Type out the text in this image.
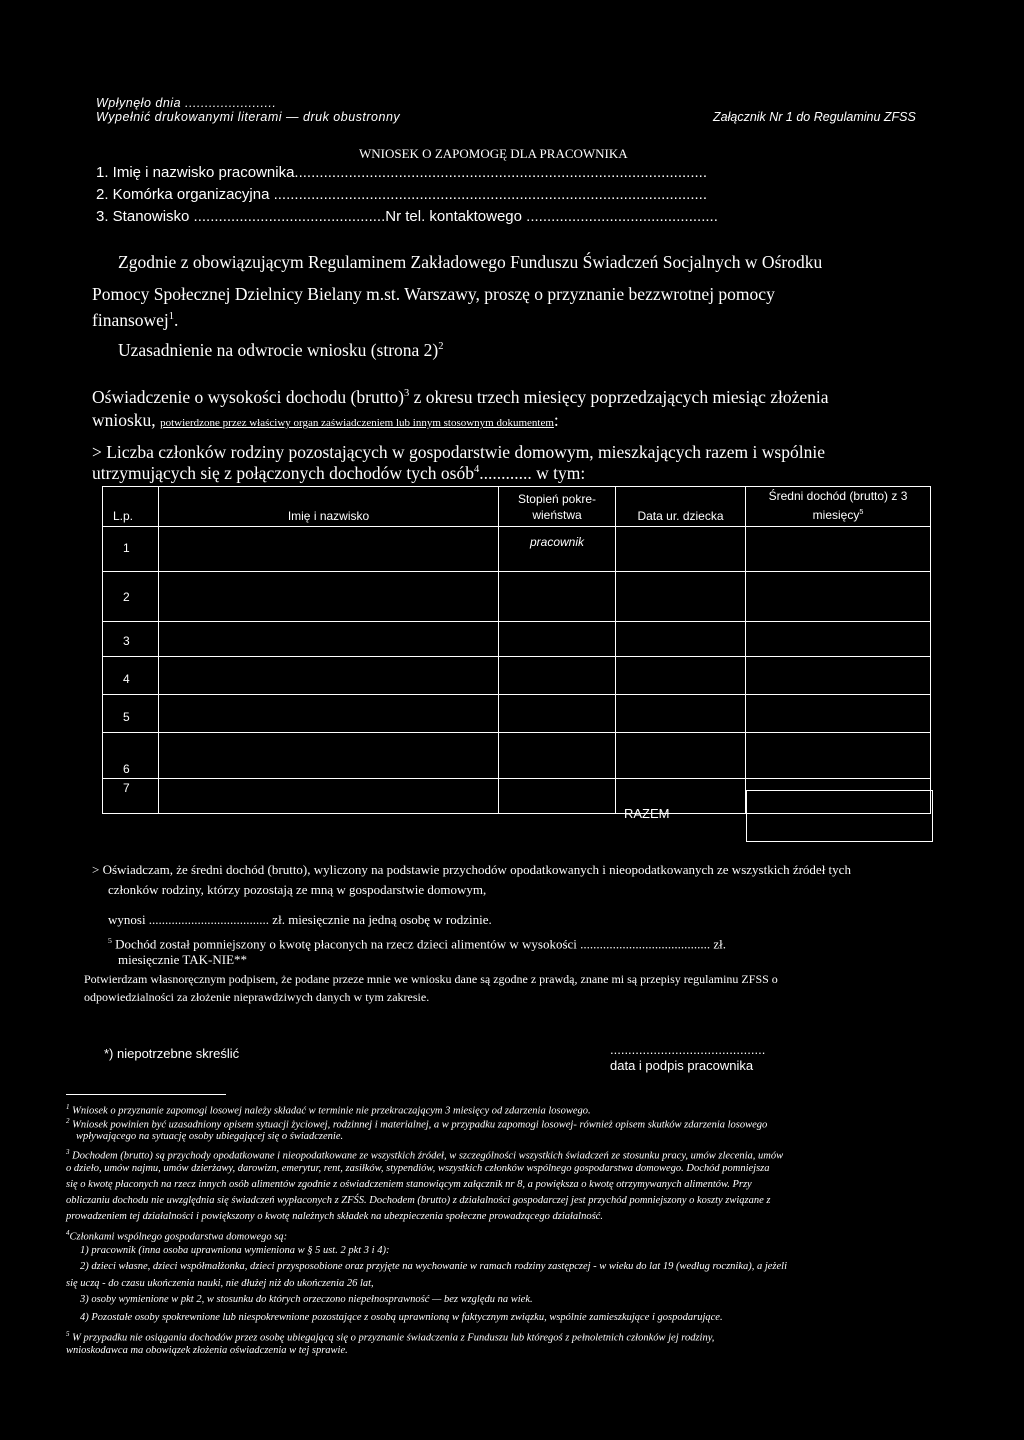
Wpłynęło dnia .......................
Wypełnić drukowanymi literami — druk obustronny	Załącznik Nr 1 do Regulaminu ZFSS
WNIOSEK O ZAPOMOGĘ DLA PRACOWNIKA
1. Imię i nazwisko pracownika...................................................................................................
2. Komórka organizacyjna ........................................................................................................
3. Stanowisko ..............................................Nr tel. kontaktowego ..............................................
Zgodnie z obowiązującym Regulaminem Zakładowego Funduszu Świadczeń Socjalnych w Ośrodku
Pomocy Społecznej Dzielnicy Bielany m.st. Warszawy, proszę o przyznanie bezzwrotnej pomocy
finansowej$^1$.
Uzasadnienie na odwrocie wniosku (strona 2)$^2$
Oświadczenie o wysokości dochodu (brutto)$^3$ z okresu trzech miesięcy poprzedzających miesiąc złożenia
wniosku, potwierdzone przez właściwy organ zaświadczeniem lub innym stosownym dokumentem:
> Liczba członków rodziny pozostających w gospodarstwie domowym, mieszkających razem i wspólnie
utrzymujących się z połączonych dochodów tych osób$^4$............ w tym:
L.p.	Imię i nazwisko	Stopień pokre-wieństwa	Data ur. dziecka	Średni dochód (brutto) z 3 miesięcy$^5$
1		pracownik		
2				
3				
4				
5				
6				
7				
RAZEM
> Oświadczam, że średni dochód (brutto), wyliczony na podstawie przychodów opodatkowanych i nieopodatkowanych ze wszystkich źródeł tych
członków rodziny, którzy pozostają ze mną w gospodarstwie domowym,
wynosi ..................................... zł. miesięcznie na jedną osobę w rodzinie.
$^5$ Dochód został pomniejszony o kwotę płaconych na rzecz dzieci alimentów w wysokości ........................................ zł.
miesięcznie TAK-NIE**
Potwierdzam własnoręcznym podpisem, że podane przeze mnie we wniosku dane są zgodne z prawdą, znane mi są przepisy regulaminu ZFSS o
odpowiedzialności za złożenie nieprawdziwych danych w tym zakresie.
*) niepotrzebne skreślić	...........................................
data i podpis pracownika
$^1$ Wniosek o przyznanie zapomogi losowej należy składać w terminie nie przekraczającym 3 miesięcy od zdarzenia losowego.
$^2$ Wniosek powinien być uzasadniony opisem sytuacji życiowej, rodzinnej i materialnej, a w przypadku zapomogi losowej- również opisem skutków zdarzenia losowego
wpływającego na sytuację osoby ubiegającej się o świadczenie.
$^3$ Dochodem (brutto) są przychody opodatkowane i nieopodatkowane ze wszystkich źródeł, w szczególności wszystkich świadczeń ze stosunku pracy, umów zlecenia, umów
o dzieło, umów najmu, umów dzierżawy, darowizn, emerytur, rent, zasiłków, stypendiów, wszystkich członków wspólnego gospodarstwa domowego. Dochód pomniejsza
się o kwotę płaconych na rzecz innych osób alimentów zgodnie z oświadczeniem stanowiącym załącznik nr 8, a powiększa o kwotę otrzymywanych alimentów. Przy
obliczaniu dochodu nie uwzględnia się świadczeń wypłaconych z ZFŚS. Dochodem (brutto) z działalności gospodarczej jest przychód pomniejszony o koszty związane z
prowadzeniem tej działalności i powiększony o kwotę należnych składek na ubezpieczenia społeczne prowadzącego działalność.
$^4$Członkami wspólnego gospodarstwa domowego są:
1) pracownik (inna osoba uprawniona wymieniona w § 5 ust. 2 pkt 3 i 4):
2) dzieci własne, dzieci współmałżonka, dzieci przysposobione oraz przyjęte na wychowanie w ramach rodziny zastępczej - w wieku do lat 19 (według rocznika), a jeżeli
się uczą - do czasu ukończenia nauki, nie dłużej niż do ukończenia 26 lat,
3) osoby wymienione w pkt 2, w stosunku do których orzeczono niepełnosprawność — bez względu na wiek.
4) Pozostałe osoby spokrewnione lub niespokrewnione pozostające z osobą uprawnioną w faktycznym związku, wspólnie zamieszkujące i gospodarujące.
$^5$ W przypadku nie osiągania dochodów przez osobę ubiegającą się o przyznanie świadczenia z Funduszu lub któregoś z pełnoletnich członków jej rodziny,
wnioskodawca ma obowiązek złożenia oświadczenia w tej sprawie.
